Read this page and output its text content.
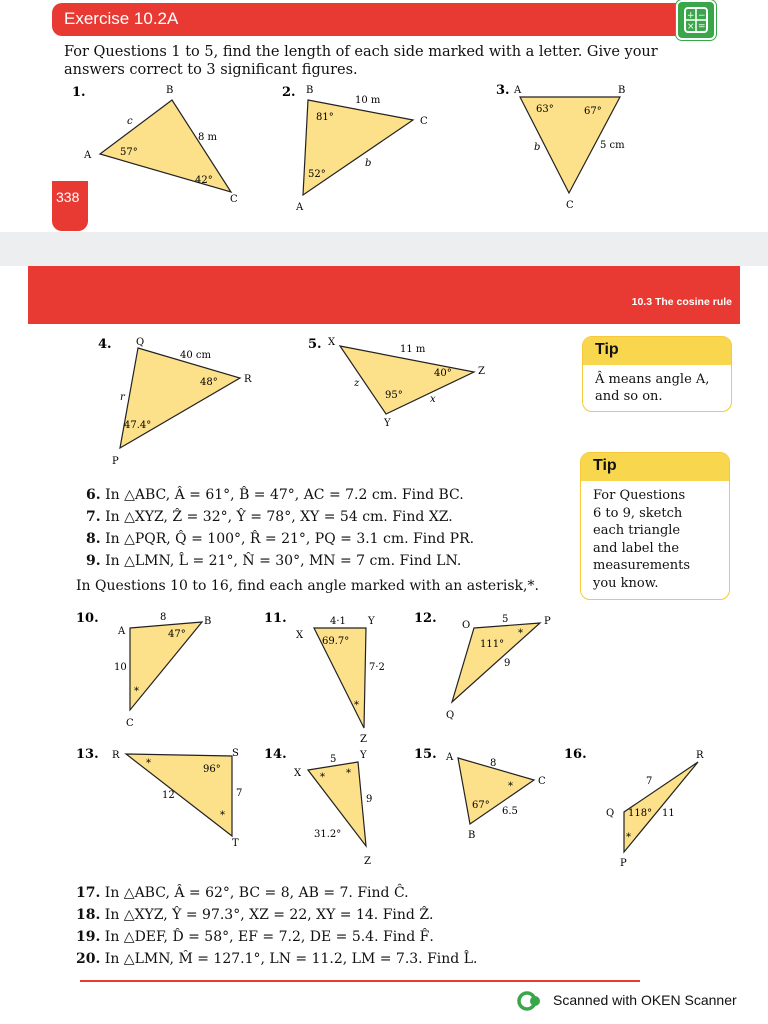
Exercise 10.2A	+ −
× =
For Questions 1 to 5, find the length of each side marked with a letter. Give your
answers correct to 3 significant figures.
338
1.
A
B
C
c
8 m
57°
42°
2. B
C
A
10 m
b
81°
52°
3. A	B
C
b	5 cm
63°	67°
10.3 The cosine rule
4. Q
R
P
40 cm
r
48°
47.4°
5. X
Z
Y
11 m
z
x
40°
95°
Tip
Â means angle A,
and so on.
Tip
For Questions
6 to 9, sketch
each triangle
and label the
measurements
you know.
6. In △ABC, Â = 61°, B̂ = 47°, AC = 7.2 cm. Find BC.
7. In △XYZ, Ẑ = 32°, Ŷ = 78°, XY = 54 cm. Find XZ.
8. In △PQR, Q̂ = 100°, R̂ = 21°, PQ = 3.1 cm. Find PR.
9. In △LMN, L̂ = 21°, N̂ = 30°, MN = 7 cm. Find LN.
In Questions 10 to 16, find each angle marked with an asterisk,*.
10.
A
B
C
8
10
47°
*
11.
X
Y
Z
4·1
7·2
69.7°
*
12.	O	P
Q
5
9
111°
*
13. R	S
T
12	7
96°
*
*
14.
X
Y
Z
5
9
31.2°
* *
15. A
C
B
8
6.5
67°
*
16.	R
Q
P
7
11
118°
*
17. In △ABC, Â = 62°, BC = 8, AB = 7. Find Ĉ.
18. In △XYZ, Ŷ = 97.3°, XZ = 22, XY = 14. Find Ẑ.
19. In △DEF, D̂ = 58°, EF = 7.2, DE = 5.4. Find F̂.
20. In △LMN, M̂ = 127.1°, LN = 11.2, LM = 7.3. Find L̂.
Scanned with OKEN Scanner
